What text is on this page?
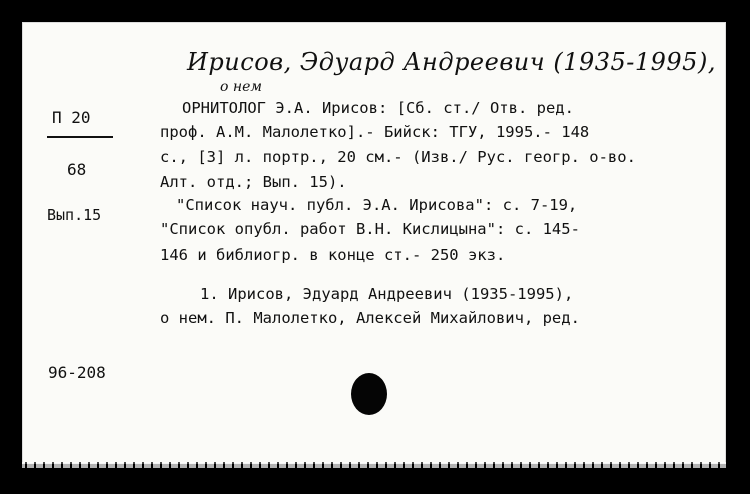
Ирисов, Эдуард Андреевич (1935-1995),
о нем
П 20
68
Вып.15
ОРНИТОЛОГ Э.А. Ирисов: [Сб. ст./ Отв. ред.
проф. А.М. Малолетко].- Бийск: ТГУ, 1995.- 148
с., [3] л. портр., 20 см.- (Изв./ Рус. геогр. о-во.
Алт. отд.; Вып. 15).
"Список науч. публ. Э.А. Ирисова": с. 7-19,
"Список опубл. работ В.Н. Кислицына": с. 145-
146 и библиогр. в конце ст.- 250 экз.
1. Ирисов, Эдуард Андреевич (1935-1995),
о нем. П. Малолетко, Алексей Михайлович, ред.
96-208
